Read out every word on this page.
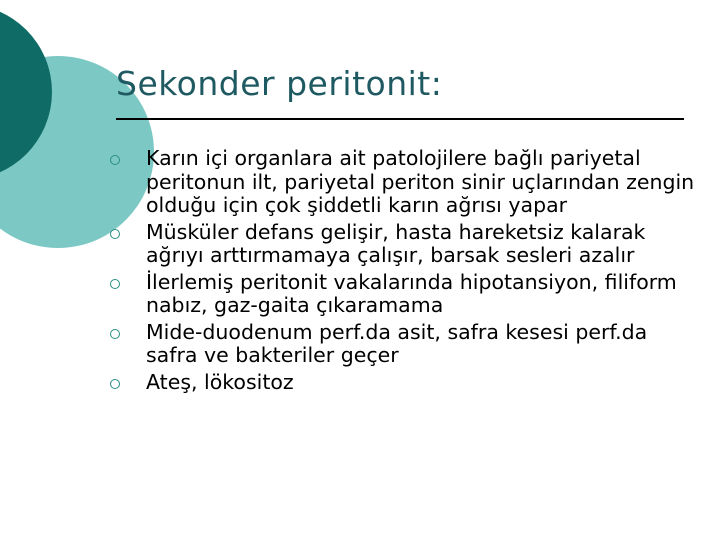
Sekonder peritonit:
Karın içi organlara ait patolojilere bağlı pariyetal peritonun ilt, pariyetal periton sinir uçlarından zengin olduğu için çok şiddetli karın ağrısı yapar
Müsküler defans gelişir, hasta hareketsiz kalarak ağrıyı arttırmamaya çalışır, barsak sesleri azalır
İlerlemiş peritonit vakalarında hipotansiyon, filiform nabız, gaz-gaita çıkaramama
Mide-duodenum perf.da asit, safra kesesi perf.da safra ve bakteriler geçer
Ateş, lökositoz
